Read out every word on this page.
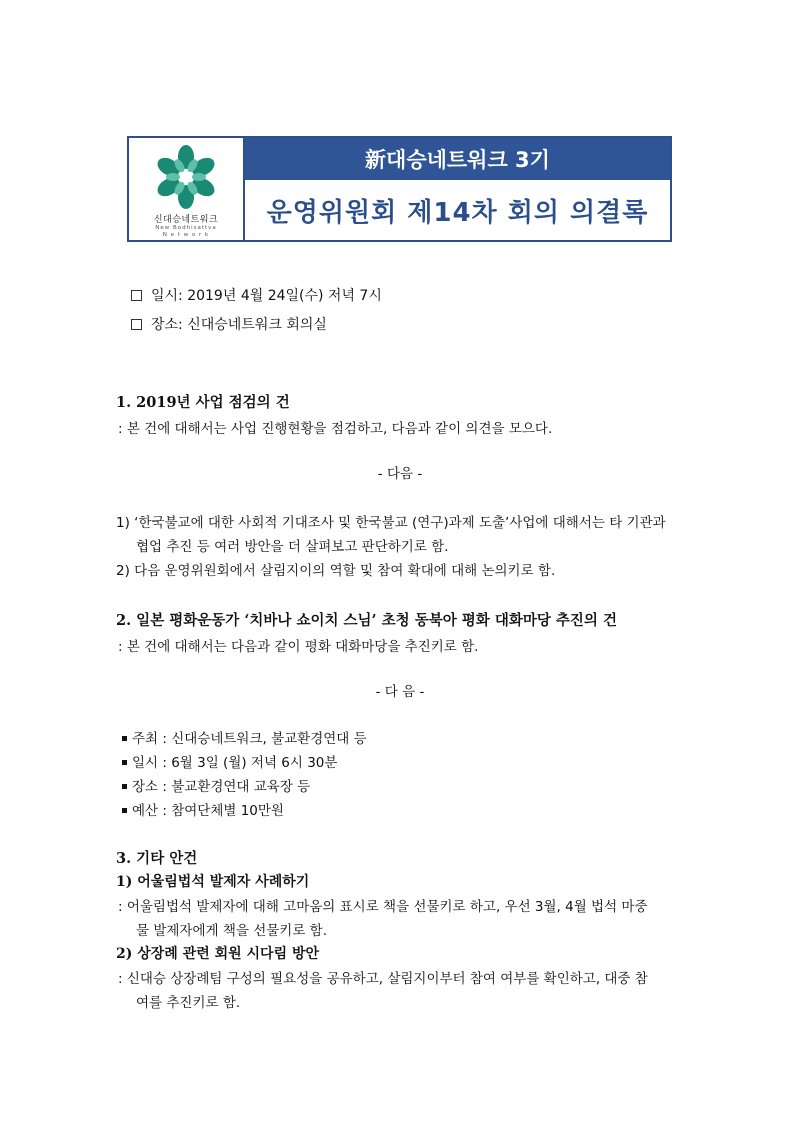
신대승네트워크
New Bodhisattva
N e t w o r k
新대승네트워크 3기
운영위원회 제14차 회의 의결록
일시: 2019년 4월 24일(수) 저녁 7시
장소: 신대승네트워크 회의실
1. 2019년 사업 점검의 건
: 본 건에 대해서는 사업 진행현황을 점검하고, 다음과 같이 의견을 모으다.
- 다음 -
1) ‘한국불교에 대한 사회적 기대조사 및 한국불교 (연구)과제 도출’사업에 대해서는 타 기관과
협업 추진 등 여러 방안을 더 살펴보고 판단하기로 함.
2) 다음 운영위원회에서 살림지이의 역할 및 참여 확대에 대해 논의키로 함.
2. 일본 평화운동가 ‘치바나 쇼이치 스님’ 초청 동북아 평화 대화마당 추진의 건
: 본 건에 대해서는 다음과 같이 평화 대화마당을 추진키로 함.
- 다 음 -
주최 : 신대승네트워크, 불교환경연대 등
일시 : 6월 3일 (월) 저녁 6시 30분
장소 : 불교환경연대 교육장 등
예산 : 참여단체별 10만원
3. 기타 안건
1) 어울림법석 발제자 사례하기
: 어울림법석 발제자에 대해 고마움의 표시로 책을 선물키로 하고, 우선 3월, 4월 법석 마중
물 발제자에게 책을 선물키로 함.
2) 상장례 관련 회원 시다림 방안
: 신대승 상장례팀 구성의 필요성을 공유하고, 살림지이부터 참여 여부를 확인하고, 대중 참
여를 추진키로 함.
